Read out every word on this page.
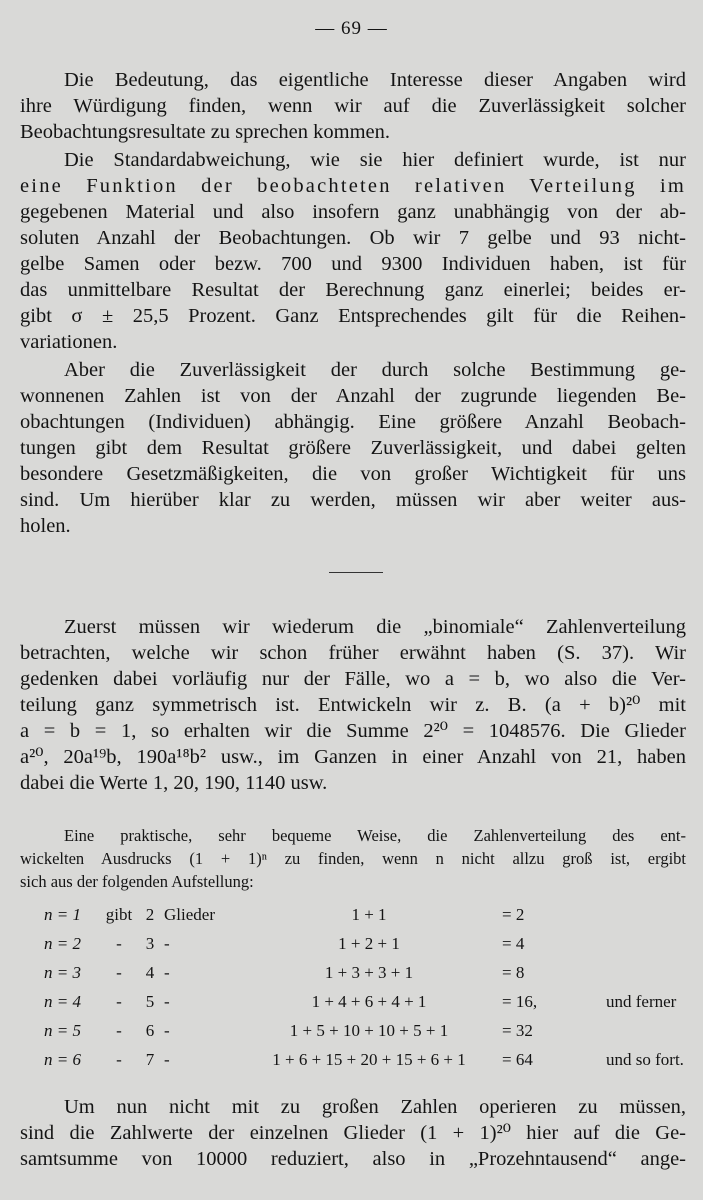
— 69 —

Die Bedeutung, das eigentliche Interesse dieser Angaben wird

ihre Würdigung finden, wenn wir auf die Zuverlässigkeit solcher

Beobachtungsresultate zu sprechen kommen.

Die Standardabweichung, wie sie hier definiert wurde, ist nur

eine Funktion der beobachteten relativen Verteilung im

gegebenen Material und also insofern ganz unabhängig von der ab-

soluten Anzahl der Beobachtungen. Ob wir 7 gelbe und 93 nicht-

gelbe Samen oder bezw. 700 und 9300 Individuen haben, ist für

das unmittelbare Resultat der Berechnung ganz einerlei; beides er-

gibt σ ± 25,5 Prozent. Ganz Entsprechendes gilt für die Reihen-

variationen.

Aber die Zuverlässigkeit der durch solche Bestimmung ge-

wonnenen Zahlen ist von der Anzahl der zugrunde liegenden Be-

obachtungen (Individuen) abhängig. Eine größere Anzahl Beobach-

tungen gibt dem Resultat größere Zuverlässigkeit, und dabei gelten

besondere Gesetzmäßigkeiten, die von großer Wichtigkeit für uns

sind. Um hierüber klar zu werden, müssen wir aber weiter aus-

holen.

Zuerst müssen wir wiederum die „binomiale“ Zahlenverteilung

betrachten, welche wir schon früher erwähnt haben (S. 37). Wir

gedenken dabei vorläufig nur der Fälle, wo a = b, wo also die Ver-

teilung ganz symmetrisch ist. Entwickeln wir z. B. (a + b)²⁰ mit

a = b = 1, so erhalten wir die Summe 2²⁰ = 1048576. Die Glieder

a²⁰, 20a¹⁹b, 190a¹⁸b² usw., im Ganzen in einer Anzahl von 21, haben

dabei die Werte 1, 20, 190, 1140 usw.

Eine praktische, sehr bequeme Weise, die Zahlenverteilung des ent-

wickelten Ausdrucks (1 + 1)ⁿ zu finden, wenn n nicht allzu groß ist, ergibt

sich aus der folgenden Aufstellung:

n = 1	gibt 2 Glieder	1 + 1	= 2
n = 2	-	3 -	1 + 2 + 1	= 4
n = 3	-	4 -	1 + 3 + 3 + 1	= 8
n = 4	-	5 -	1 + 4 + 6 + 4 + 1	= 16,	und ferner
n = 5	-	6 -	1 + 5 + 10 + 10 + 5 + 1	= 32
n = 6	-	7 -	1 + 6 + 15 + 20 + 15 + 6 + 1	= 64	und so fort.

Um nun nicht mit zu großen Zahlen operieren zu müssen,

sind die Zahlwerte der einzelnen Glieder (1 + 1)²⁰ hier auf die Ge-

samtsumme von 10000 reduziert, also in „Prozehntausend“ ange-
